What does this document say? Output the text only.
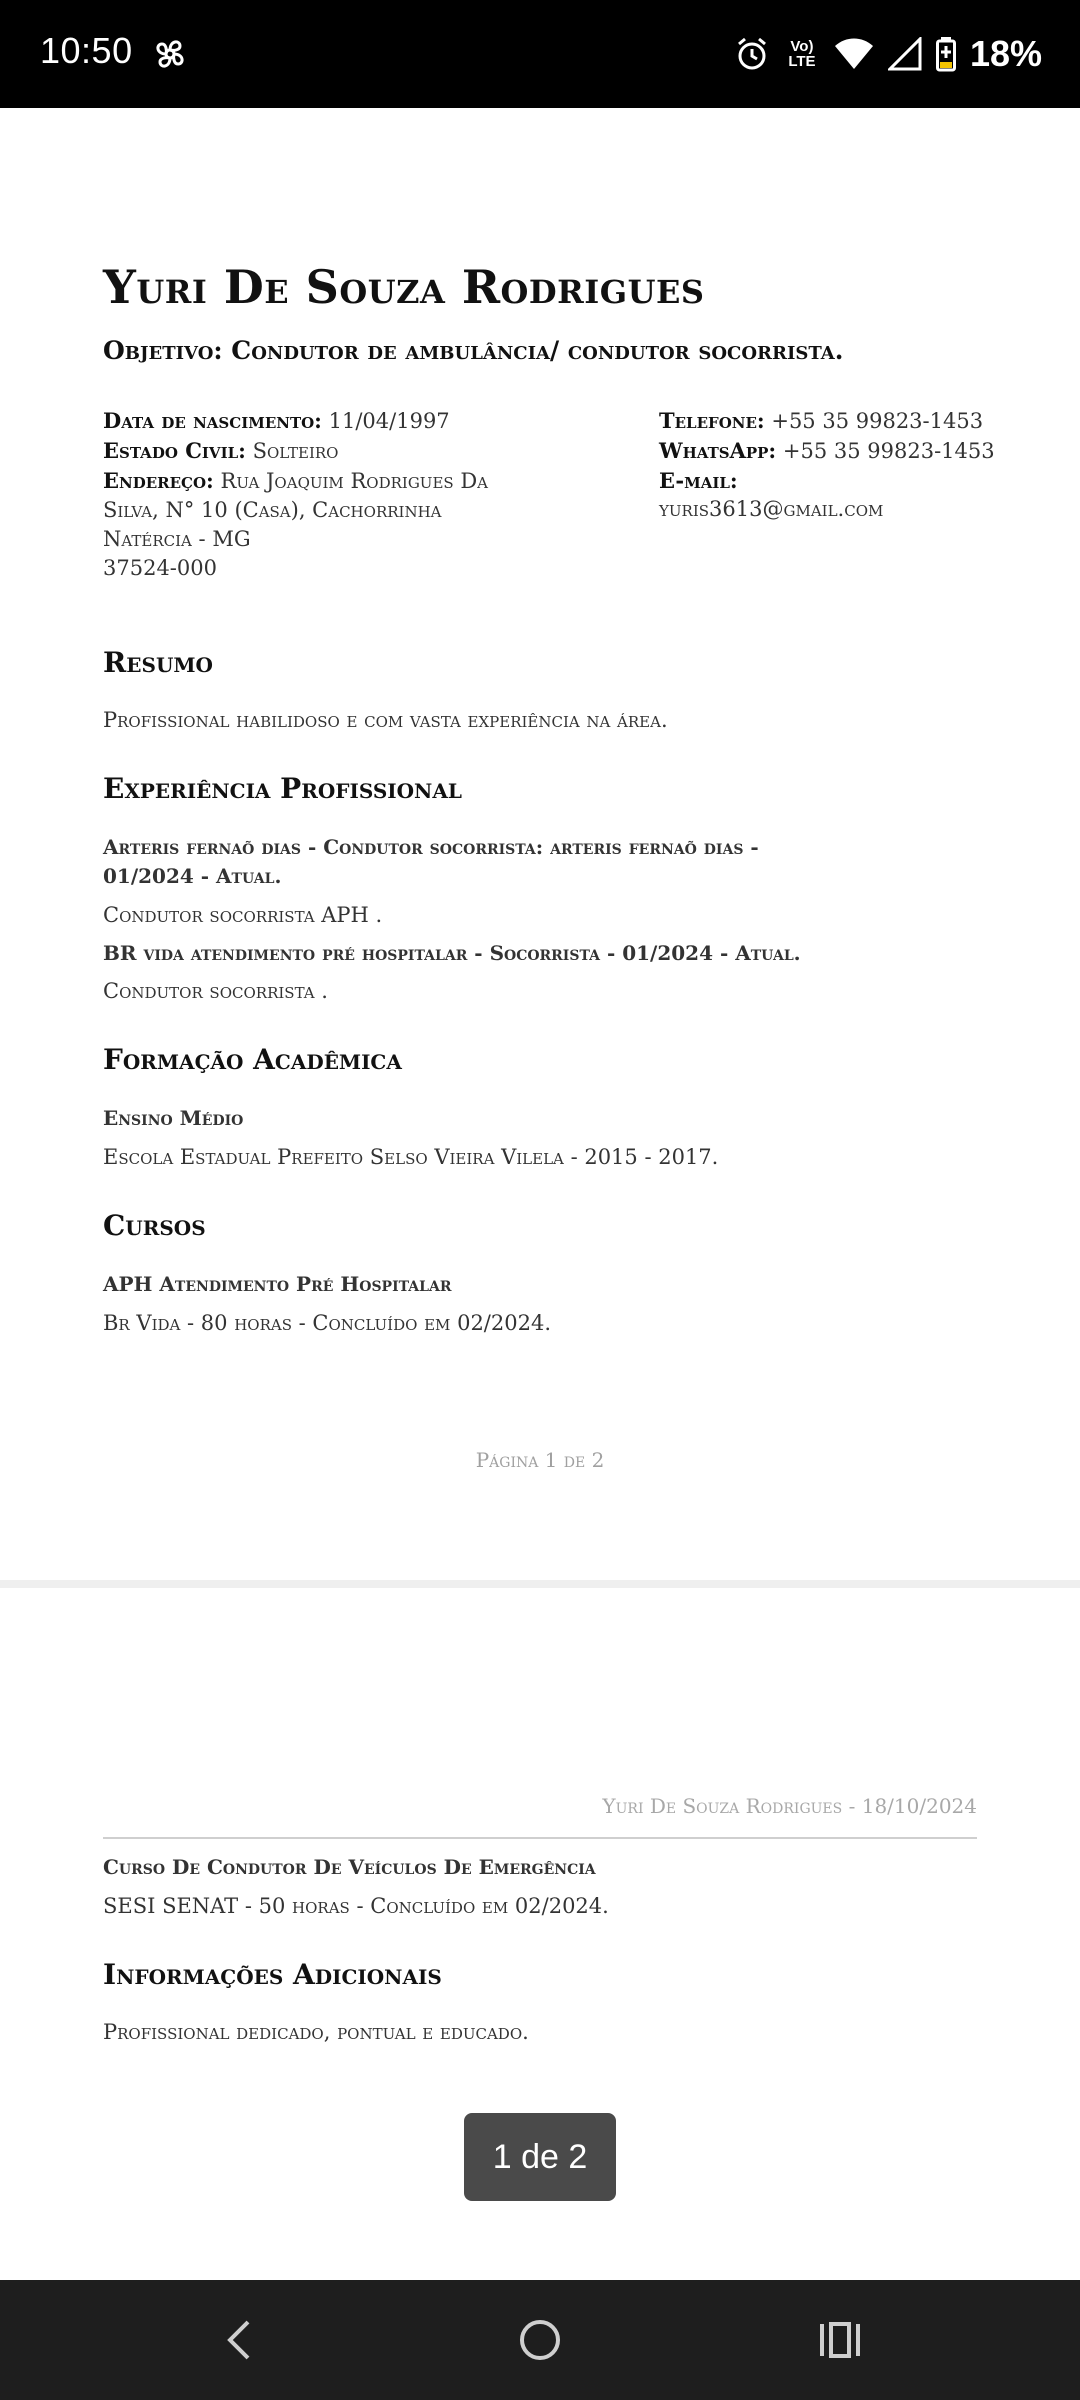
10:50	Vo)
LTE	18%
Yuri De Souza Rodrigues
Objetivo: Condutor de ambulância/ condutor socorrista.
Data de nascimento: 11/04/1997
Estado Civil: Solteiro
Endereço: Rua Joaquim Rodrigues Da
Silva, N° 10 (Casa), Cachorrinha
Natércia - MG
37524-000
Telefone: +55 35 99823-1453
WhatsApp: +55 35 99823-1453
E-mail:
yuris3613@gmail.com
Resumo
Profissional habilidoso e com vasta experiência na área.
Experiência Profissional
Arteris fernaõ dias - Condutor socorrista: arteris fernaõ dias -
01/2024 - Atual.
Condutor socorrista APH .
BR vida atendimento pré hospitalar - Socorrista - 01/2024 - Atual.
Condutor socorrista .
Formação Acadêmica
Ensino Médio
Escola Estadual Prefeito Selso Vieira Vilela - 2015 - 2017.
Cursos
APH Atendimento Pré Hospitalar
Br Vida - 80 horas - Concluído em 02/2024.
Página 1 de 2
Yuri De Souza Rodrigues - 18/10/2024
Curso De Condutor De Veículos De Emergência
SESI SENAT - 50 horas - Concluído em 02/2024.
Informações Adicionais
Profissional dedicado, pontual e educado.
1 de 2
